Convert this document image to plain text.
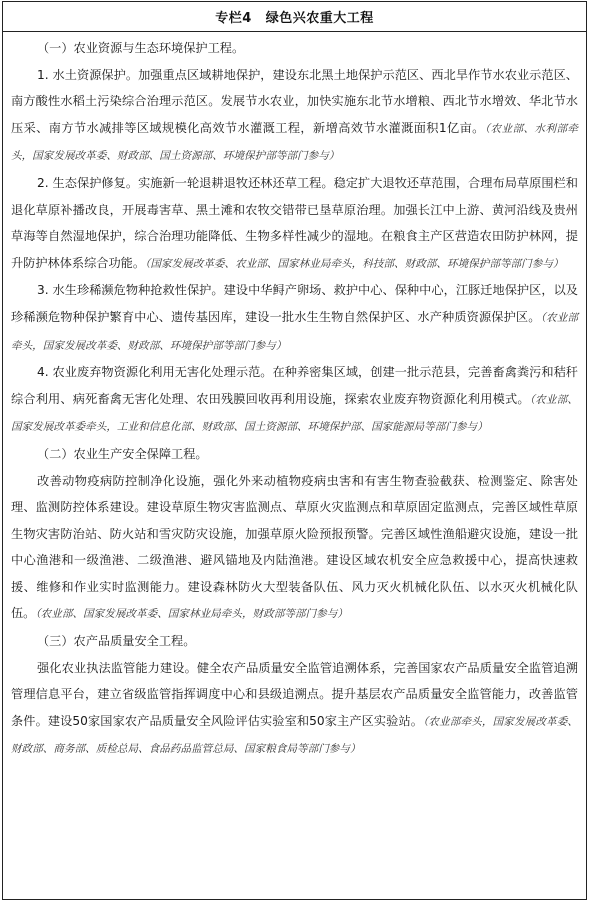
专栏4 绿色兴农重大工程

（一）农业资源与生态环境保护工程。

1. 水土资源保护。加强重点区域耕地保护，建设东北黑土地保护示范区、西北旱作节水农业示范区、南方酸性水稻土污染综合治理示范区。发展节水农业，加快实施东北节水增粮、西北节水增效、华北节水压采、南方节水减排等区域规模化高效节水灌溉工程，新增高效节水灌溉面积1亿亩。（农业部、水利部牵头，国家发展改革委、财政部、国土资源部、环境保护部等部门参与）

2. 生态保护修复。实施新一轮退耕退牧还林还草工程。稳定扩大退牧还草范围，合理布局草原围栏和退化草原补播改良，开展毒害草、黑土滩和农牧交错带已垦草原治理。加强长江中上游、黄河沿线及贵州草海等自然湿地保护，综合治理功能降低、生物多样性减少的湿地。在粮食主产区营造农田防护林网，提升防护林体系综合功能。（国家发展改革委、农业部、国家林业局牵头，科技部、财政部、环境保护部等部门参与）

3. 水生珍稀濒危物种抢救性保护。建设中华鲟产卵场、救护中心、保种中心，江豚迁地保护区，以及珍稀濒危物种保护繁育中心、遗传基因库，建设一批水生生物自然保护区、水产种质资源保护区。（农业部牵头，国家发展改革委、财政部、环境保护部等部门参与）

4. 农业废弃物资源化利用无害化处理示范。在种养密集区域，创建一批示范县，完善畜禽粪污和秸秆综合利用、病死畜禽无害化处理、农田残膜回收再利用设施，探索农业废弃物资源化利用模式。（农业部、国家发展改革委牵头，工业和信息化部、财政部、国土资源部、环境保护部、国家能源局等部门参与）

（二）农业生产安全保障工程。

改善动物疫病防控制净化设施，强化外来动植物疫病虫害和有害生物查验截获、检测鉴定、除害处理、监测防控体系建设。建设草原生物灾害监测点、草原火灾监测点和草原固定监测点，完善区域性草原生物灾害防治站、防火站和雪灾防灾设施，加强草原火险预报预警。完善区域性渔船避灾设施，建设一批中心渔港和一级渔港、二级渔港、避风锚地及内陆渔港。建设区域农机安全应急救援中心，提高快速救援、维修和作业实时监测能力。建设森林防火大型装备队伍、风力灭火机械化队伍、以水灭火机械化队伍。（农业部、国家发展改革委、国家林业局牵头，财政部等部门参与）

（三）农产品质量安全工程。

强化农业执法监管能力建设。健全农产品质量安全监管追溯体系，完善国家农产品质量安全监管追溯管理信息平台，建立省级监管指挥调度中心和县级追溯点。提升基层农产品质量安全监管能力，改善监管条件。建设50家国家农产品质量安全风险评估实验室和50家主产区实验站。（农业部牵头，国家发展改革委、财政部、商务部、质检总局、食品药品监管总局、国家粮食局等部门参与）
